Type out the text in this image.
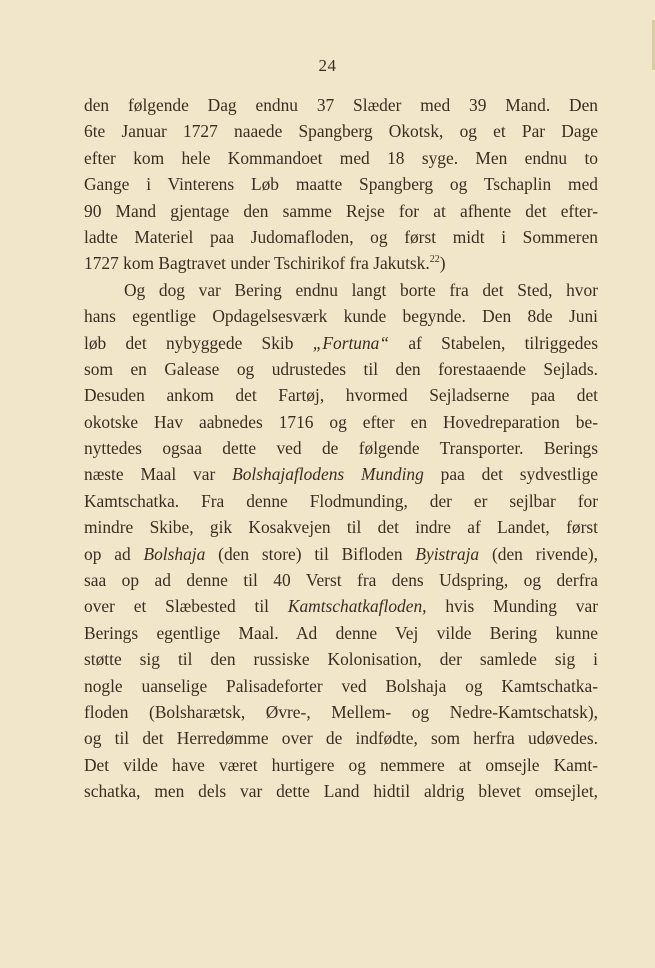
24
den følgende Dag endnu 37 Slæder med 39 Mand. Den
6te Januar 1727 naaede Spangberg Okotsk, og et Par Dage
efter kom hele Kommandoet med 18 syge. Men endnu to
Gange i Vinterens Løb maatte Spangberg og Tschaplin med
90 Mand gjentage den samme Rejse for at afhente det efter-
ladte Materiel paa Judomafloden, og først midt i Sommeren
1727 kom Bagtravet under Tschirikof fra Jakutsk.$^{22}$)
Og dog var Bering endnu langt borte fra det Sted, hvor
hans egentlige Opdagelsesværk kunde begynde. Den 8de Juni
løb det nybyggede Skib „Fortuna“ af Stabelen, tilriggedes
som en Galease og udrustedes til den forestaaende Sejlads.
Desuden ankom det Fartøj, hvormed Sejladserne paa det
okotske Hav aabnedes 1716 og efter en Hovedreparation be-
nyttedes ogsaa dette ved de følgende Transporter. Berings
næste Maal var Bolshajaflodens Munding paa det sydvestlige
Kamtschatka. Fra denne Flodmunding, der er sejlbar for
mindre Skibe, gik Kosakvejen til det indre af Landet, først
op ad Bolshaja (den store) til Bifloden Byistraja (den rivende),
saa op ad denne til 40 Verst fra dens Udspring, og derfra
over et Slæbested til Kamtschatkafloden, hvis Munding var
Berings egentlige Maal. Ad denne Vej vilde Bering kunne
støtte sig til den russiske Kolonisation, der samlede sig i
nogle uanselige Palisadeforter ved Bolshaja og Kamtschatka-
floden (Bolsharætsk, Øvre-, Mellem- og Nedre-Kamtschatsk),
og til det Herredømme over de indfødte, som herfra udøvedes.
Det vilde have været hurtigere og nemmere at omsejle Kamt-
schatka, men dels var dette Land hidtil aldrig blevet omsejlet,
